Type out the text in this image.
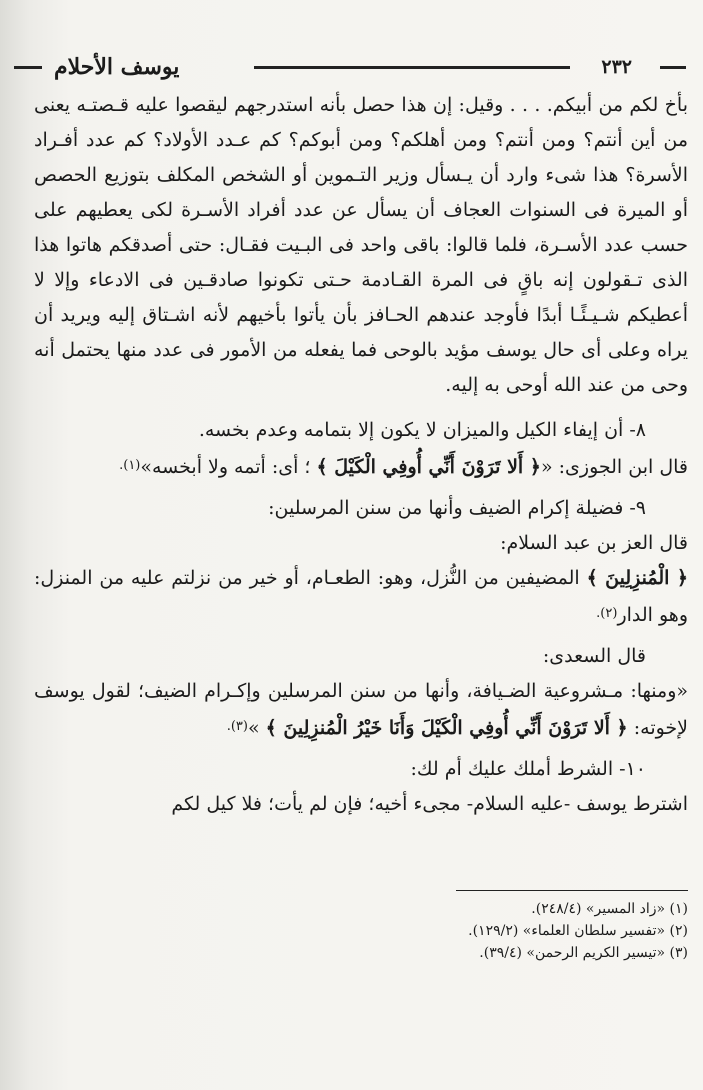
٢٣٢
يوسف الأحلام

بأخ لكم من أبيكم. . . . وقيل: إن هذا حصل بأنه استدرجهم ليقصوا عليه قـصتـه يعنى من أين أنتم؟ ومن أنتم؟ ومن أهلكم؟ ومن أبوكم؟ كم عـدد الأولاد؟ كم عدد أفـراد الأسرة؟ هذا شىء وارد أن يـسأل وزير التـموين أو الشخص المكلف بتوزيع الحصص أو الميرة فى السنوات العجاف أن يسأل عن عدد أفراد الأسـرة لكى يعطيهم على حسب عدد الأسـرة، فلما قالوا: باقى واحد فى البـيت فقـال: حتى أصدقكم هاتوا هذا الذى تـقولون إنه باقٍ فى المرة القـادمة حـتى تكونوا صادقـين فى الادعاء وإلا لا أعطيكم شـيـئًـا أبدًا فأوجد عندهم الحـافز بأن يأتوا بأخيهم لأنه اشـتاق إليه ويريد أن يراه وعلى أى حال يوسف مؤيد بالوحى فما يفعله من الأمور فى عدد منها يحتمل أنه وحى من عند الله أوحى به إليه.

٨- أن إيفاء الكيل والميزان لا يكون إلا بتمامه وعدم بخسه.

قال ابن الجوزى: «﴿ أَلا تَرَوْنَ أَنِّي أُوفِي الْكَيْلَ ﴾ ؛ أى: أتمه ولا أبخسه»$^{(١).}$

٩- فضيلة إكرام الضيف وأنها من سنن المرسلين:

قال العز بن عبد السلام:

﴿ الْمُنزِلِينَ ﴾ المضيفين من النُّزل، وهو: الطعـام، أو خير من نزلتم عليه من المنزل: وهو الدار$^{(٢).}$

قال السعدى:

«ومنها: مـشروعية الضـيافة، وأنها من سنن المرسلين وإكـرام الضيف؛ لقول يوسف لإخوته: ﴿ أَلا تَرَوْنَ أَنِّي أُوفِي الْكَيْلَ وَأَنَا خَيْرُ الْمُنزِلِينَ ﴾ »$^{(٣).}$

١٠- الشرط أملك عليك أم لك:

اشترط يوسف -عليه السلام- مجىء أخيه؛ فإن لم يأت؛ فلا كيل لكم

(١) «زاد المسير» (٢٤٨/٤).
(٢) «تفسير سلطان العلماء» (١٢٩/٢).
(٣) «تيسير الكريم الرحمن» (٣٩/٤).
